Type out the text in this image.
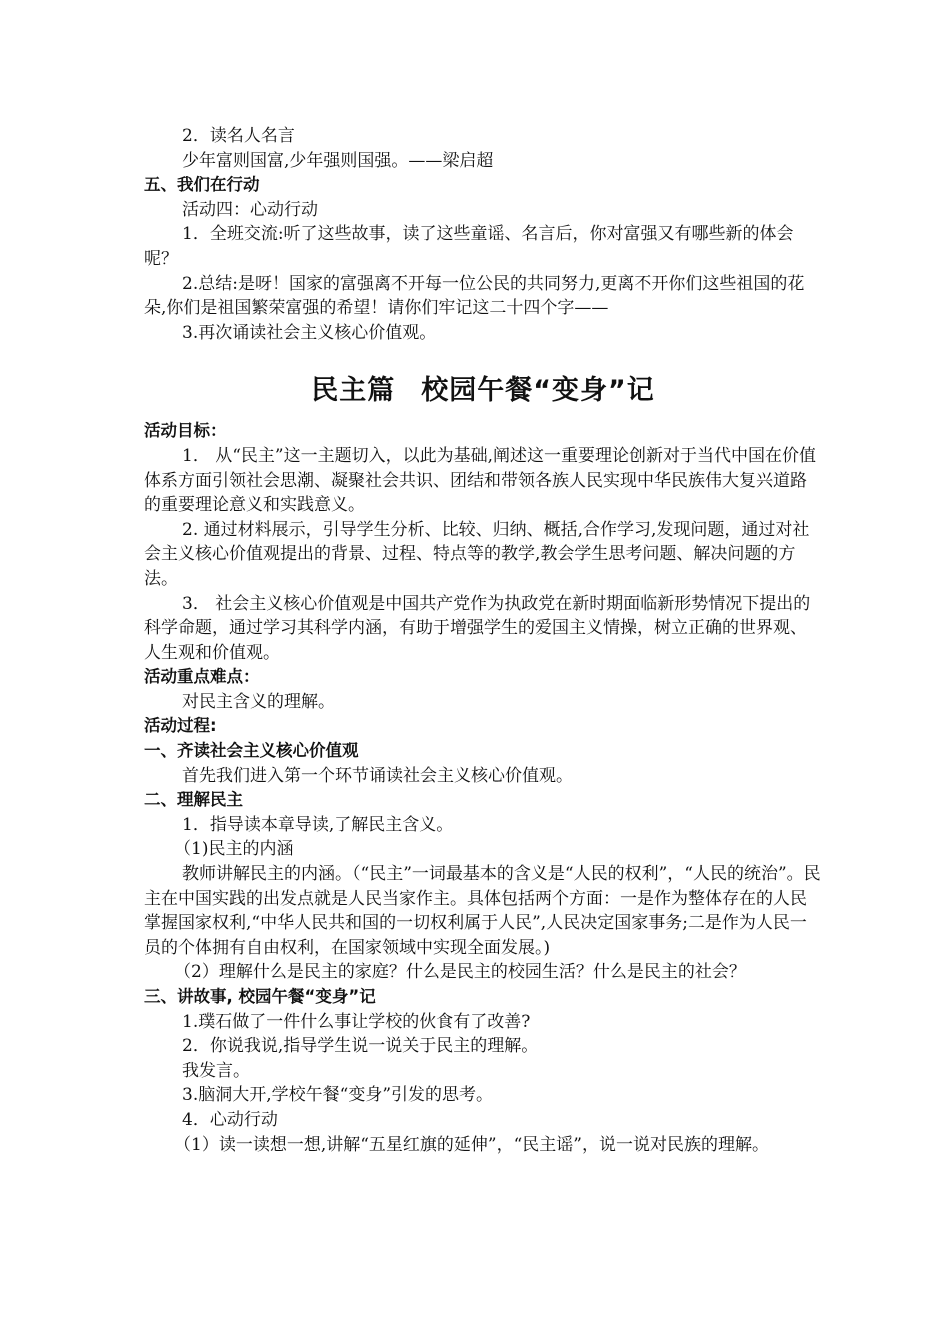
2．读名人名言

少年富则国富,少年强则国强。——梁启超

五、我们在行动

活动四：心动行动

1．全班交流:听了这些故事，读了这些童谣、名言后，你对富强又有哪些新的体会呢？

2.总结:是呀！国家的富强离不开每一位公民的共同努力,更离不开你们这些祖国的花朵,你们是祖国繁荣富强的希望！请你们牢记这二十四个字——

3.再次诵读社会主义核心价值观。

民主篇 校园午餐“变身”记

活动目标：

1． 从“民主”这一主题切入，以此为基础,阐述这一重要理论创新对于当代中国在价值体系方面引领社会思潮、凝聚社会共识、团结和带领各族人民实现中华民族伟大复兴道路的重要理论意义和实践意义。

2. 通过材料展示，引导学生分析、比较、归纳、概括,合作学习,发现问题，通过对社会主义核心价值观提出的背景、过程、特点等的教学,教会学生思考问题、解决问题的方法。

3． 社会主义核心价值观是中国共产党作为执政党在新时期面临新形势情况下提出的科学命题，通过学习其科学内涵，有助于增强学生的爱国主义情操，树立正确的世界观、人生观和价值观。

活动重点难点：

对民主含义的理解。

活动过程:

一、齐读社会主义核心价值观

首先我们进入第一个环节诵读社会主义核心价值观。

二、理解民主

1．指导读本章导读,了解民主含义。

（1)民主的内涵

教师讲解民主的内涵。（“民主”一词最基本的含义是“人民的权利”，“人民的统治”。民主在中国实践的出发点就是人民当家作主。具体包括两个方面：一是作为整体存在的人民掌握国家权利,“中华人民共和国的一切权利属于人民”,人民决定国家事务;二是作为人民一员的个体拥有自由权利，在国家领域中实现全面发展。)

（2）理解什么是民主的家庭？什么是民主的校园生活？什么是民主的社会？

三、讲故事, 校园午餐“变身”记

1.璞石做了一件什么事让学校的伙食有了改善?

2．你说我说,指导学生说一说关于民主的理解。

我发言。

3.脑洞大开,学校午餐“变身”引发的思考。

4．心动行动

（1）读一读想一想,讲解“五星红旗的延伸”，“民主谣”，说一说对民族的理解。
